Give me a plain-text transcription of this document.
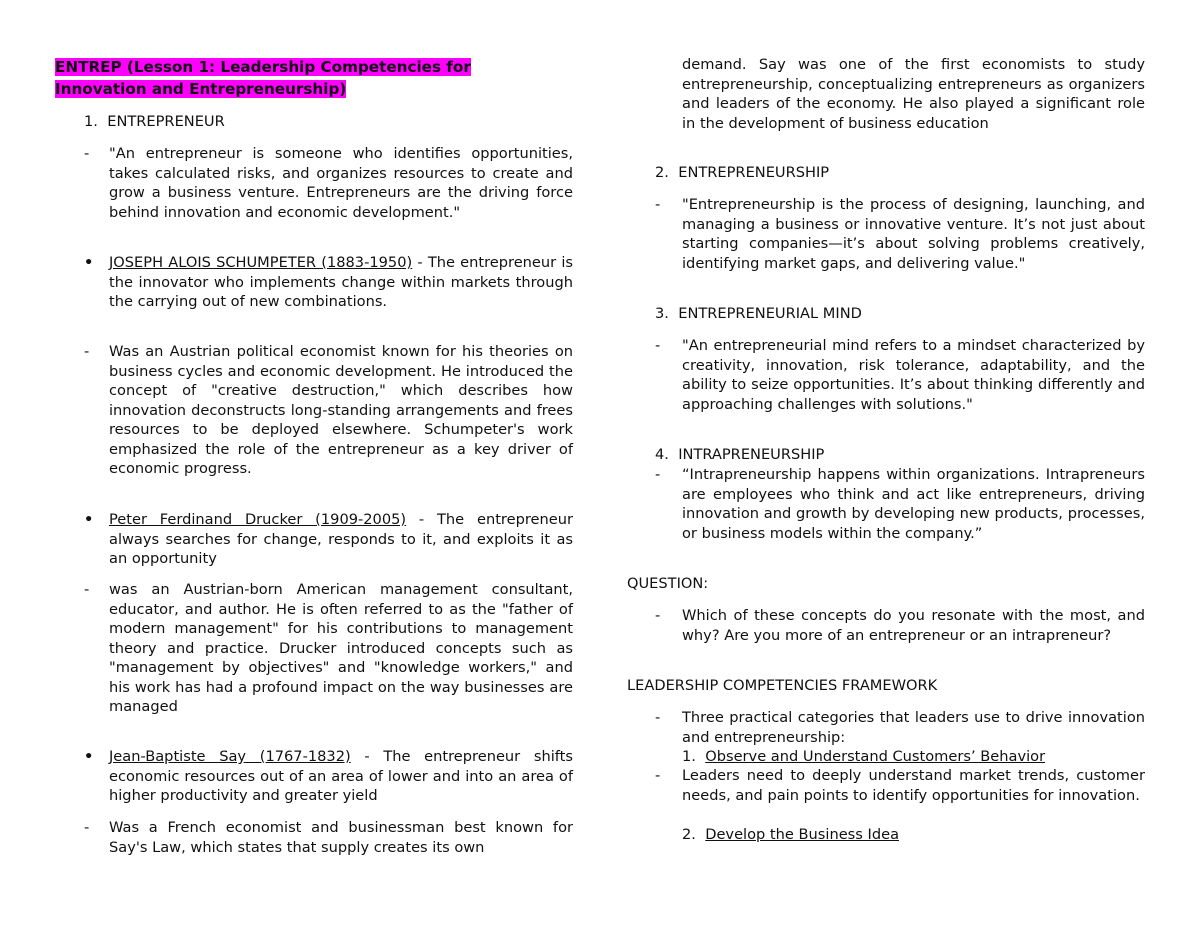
ENTREP (Lesson 1: Leadership Competencies for
Innovation and Entrepreneurship)
1. ENTREPRENEUR
-	"An entrepreneur is someone who identifies opportunities, takes calculated risks, and organizes resources to create and grow a business venture. Entrepreneurs are the driving force behind innovation and economic development."
• JOSEPH ALOIS SCHUMPETER (1883-1950) - The entrepreneur is the innovator who implements change within markets through the carrying out of new combinations.
-	Was an Austrian political economist known for his theories on business cycles and economic development. He introduced the concept of "creative destruction," which describes how innovation deconstructs long-standing arrangements and frees resources to be deployed elsewhere. Schumpeter's work emphasized the role of the entrepreneur as a key driver of economic progress.
• Peter Ferdinand Drucker (1909-2005) - The entrepreneur always searches for change, responds to it, and exploits it as an opportunity
-	was an Austrian-born American management consultant, educator, and author. He is often referred to as the "father of modern management" for his contributions to management theory and practice. Drucker introduced concepts such as "management by objectives" and "knowledge workers," and his work has had a profound impact on the way businesses are managed
• Jean-Baptiste Say (1767-1832) - The entrepreneur shifts economic resources out of an area of lower and into an area of higher productivity and greater yield
-	Was a French economist and businessman best known for Say's Law, which states that supply creates its own
demand. Say was one of the first economists to study entrepreneurship, conceptualizing entrepreneurs as organizers and leaders of the economy. He also played a significant role in the development of business education
2. ENTREPRENEURSHIP
-	"Entrepreneurship is the process of designing, launching, and managing a business or innovative venture. It’s not just about starting companies—it’s about solving problems creatively, identifying market gaps, and delivering value."
3. ENTREPRENEURIAL MIND
-	"An entrepreneurial mind refers to a mindset characterized by creativity, innovation, risk tolerance, adaptability, and the ability to seize opportunities. It’s about thinking differently and approaching challenges with solutions."
4. INTRAPRENEURSHIP
-	“Intrapreneurship happens within organizations. Intrapreneurs are employees who think and act like entrepreneurs, driving innovation and growth by developing new products, processes, or business models within the company.”
QUESTION:
-	Which of these concepts do you resonate with the most, and why? Are you more of an entrepreneur or an intrapreneur?
LEADERSHIP COMPETENCIES FRAMEWORK
-	Three practical categories that leaders use to drive innovation and entrepreneurship:
1. Observe and Understand Customers’ Behavior
-	Leaders need to deeply understand market trends, customer needs, and pain points to identify opportunities for innovation.
2. Develop the Business Idea
